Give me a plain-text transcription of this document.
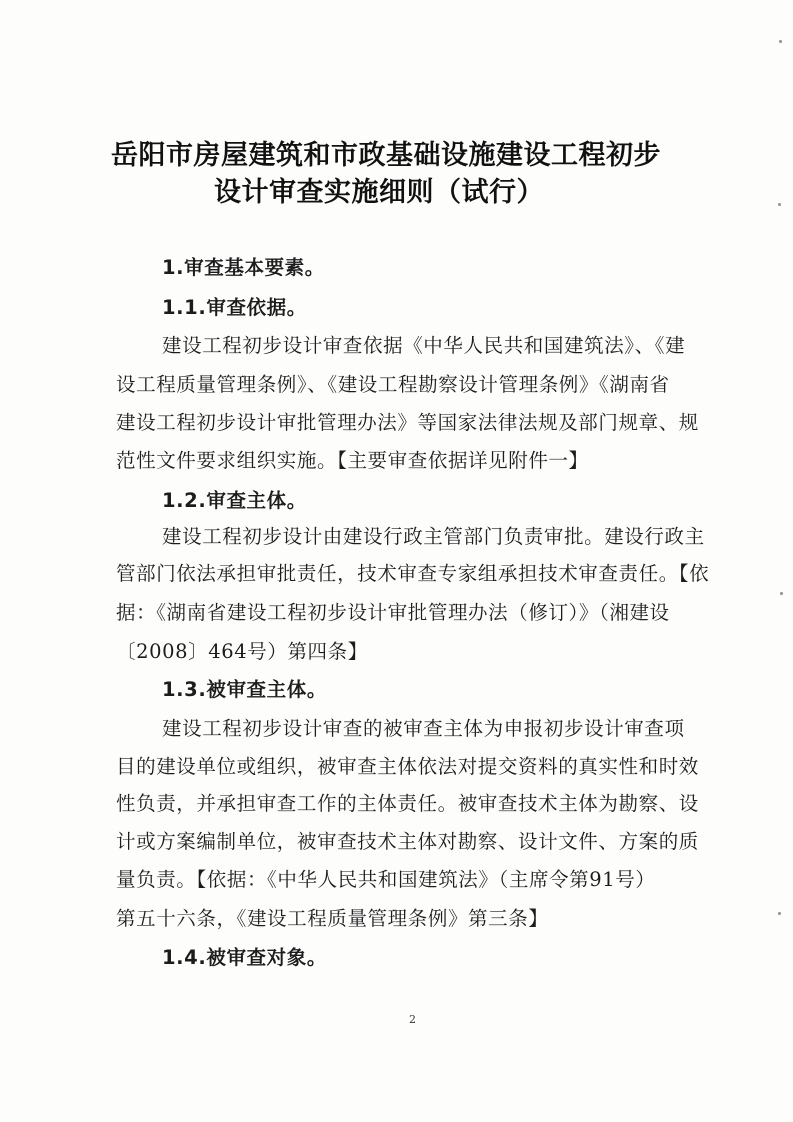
岳阳市房屋建筑和市政基础设施建设工程初步
设计审查实施细则（试行）
1.审查基本要素。
1.1.审查依据。
建设工程初步设计审查依据《中华人民共和国建筑法》、《建
设工程质量管理条例》、《建设工程勘察设计管理条例》《湖南省
建设工程初步设计审批管理办法》等国家法律法规及部门规章、规
范性文件要求组织实施。【主要审查依据详见附件一】
1.2.审查主体。
建设工程初步设计由建设行政主管部门负责审批。建设行政主
管部门依法承担审批责任，技术审查专家组承担技术审查责任。【依
据：《湖南省建设工程初步设计审批管理办法（修订）》（湘建设
〔2008〕464号）第四条】
1.3.被审查主体。
建设工程初步设计审查的被审查主体为申报初步设计审查项
目的建设单位或组织，被审查主体依法对提交资料的真实性和时效
性负责，并承担审查工作的主体责任。被审查技术主体为勘察、设
计或方案编制单位，被审查技术主体对勘察、设计文件、方案的质
量负责。【依据：《中华人民共和国建筑法》（主席令第91号）
第五十六条，《建设工程质量管理条例》第三条】
1.4.被审查对象。
2
